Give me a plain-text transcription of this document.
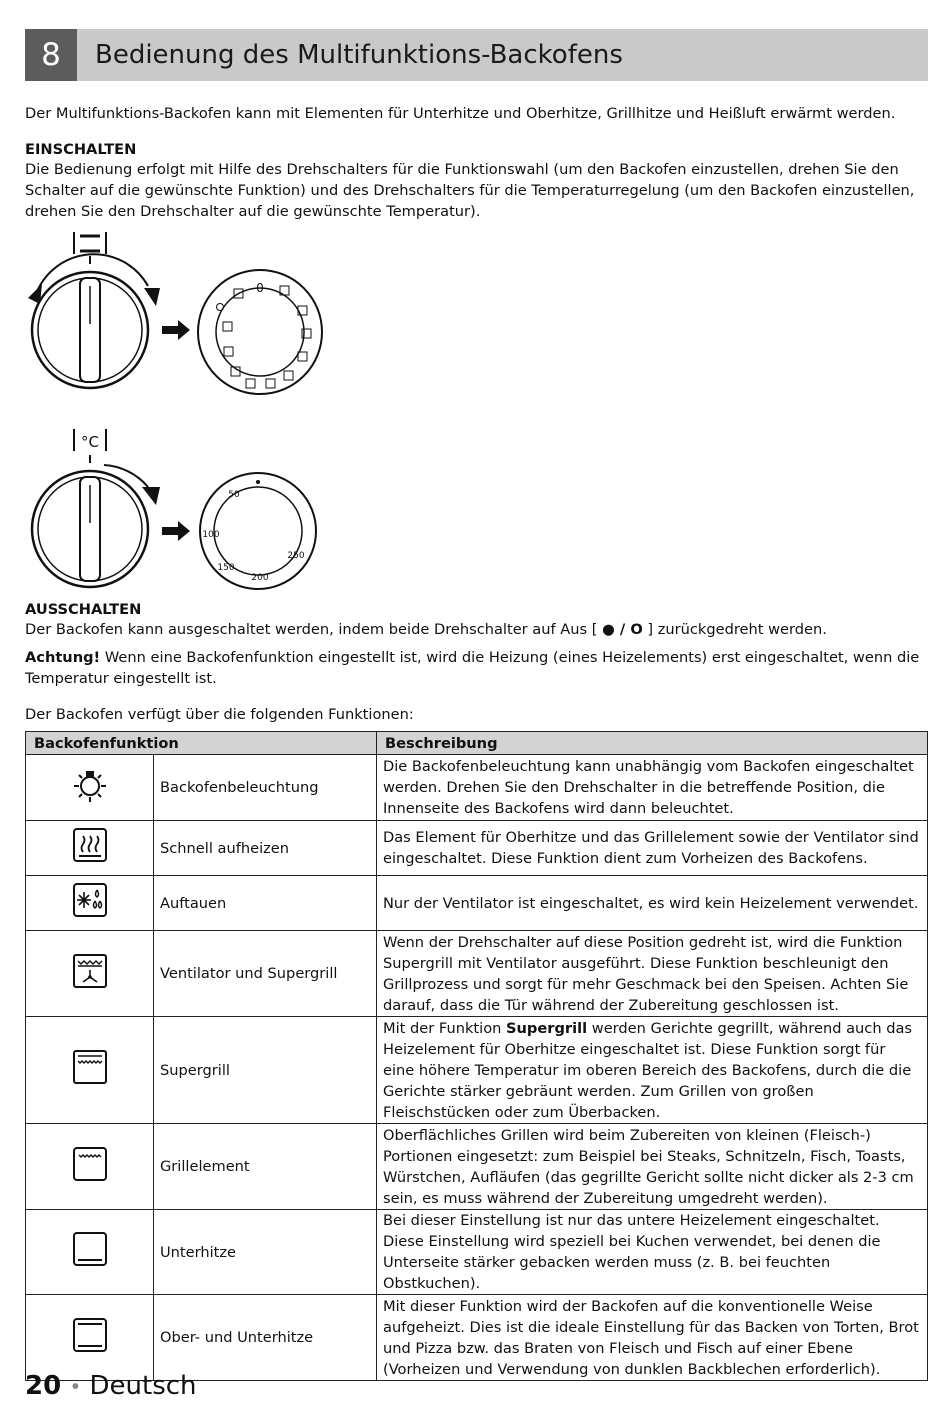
8	Bedienung des Multifunktions-Backofens

Der Multifunktions-Backofen kann mit Elementen für Unterhitze und Oberhitze, Grillhitze und Heißluft erwärmt werden.

EINSCHALTEN

Die Bedienung erfolgt mit Hilfe des Drehschalters für die Funktionswahl (um den Backofen einzustellen, drehen Sie den Schalter auf die gewünschte Funktion) und des Drehschalters für die Temperaturregelung (um den Backofen einzustellen, drehen Sie den Drehschalter auf die gewünschte Temperatur).

0
°C
50
100
150
200
250

AUSSCHALTEN

Der Backofen kann ausgeschaltet werden, indem beide Drehschalter auf Aus [ ● / O ] zurückgedreht werden.

Achtung! Wenn eine Backofenfunktion eingestellt ist, wird die Heizung (eines Heizelements) erst eingeschaltet, wenn die Temperatur eingestellt ist.

Der Backofen verfügt über die folgenden Funktionen:

Backofenfunktion		Beschreibung
	Backofenbeleuchtung	Die Backofenbeleuchtung kann unabhängig vom Backofen eingeschaltet werden. Drehen Sie den Drehschalter in die betreffende Position, die Innenseite des Backofens wird dann beleuchtet.
	Schnell aufheizen	Das Element für Oberhitze und das Grillelement sowie der Ventilator sind eingeschaltet. Diese Funktion dient zum Vorheizen des Backofens.
	Auftauen	Nur der Ventilator ist eingeschaltet, es wird kein Heizelement verwendet.
	Ventilator und Supergrill	Wenn der Drehschalter auf diese Position gedreht ist, wird die Funktion Supergrill mit Ventilator ausgeführt. Diese Funktion beschleunigt den Grillprozess und sorgt für mehr Geschmack bei den Speisen. Achten Sie darauf, dass die Tür während der Zubereitung geschlossen ist.
	Supergrill	Mit der Funktion Supergrill werden Gerichte gegrillt, während auch das Heizelement für Oberhitze eingeschaltet ist. Diese Funktion sorgt für eine höhere Temperatur im oberen Bereich des Backofens, durch die die Gerichte stärker gebräunt werden. Zum Grillen von großen Fleischstücken oder zum Überbacken.
	Grillelement	Oberflächliches Grillen wird beim Zubereiten von kleinen (Fleisch-) Portionen eingesetzt: zum Beispiel bei Steaks, Schnitzeln, Fisch, Toasts, Würstchen, Aufläufen (das gegrillte Gericht sollte nicht dicker als 2-3 cm sein, es muss während der Zubereitung umgedreht werden).
	Unterhitze	Bei dieser Einstellung ist nur das untere Heizelement eingeschaltet. Diese Einstellung wird speziell bei Kuchen verwendet, bei denen die Unterseite stärker gebacken werden muss (z. B. bei feuchten Obstkuchen).
	Ober- und Unterhitze	Mit dieser Funktion wird der Backofen auf die konventionelle Weise aufgeheizt. Dies ist die ideale Einstellung für das Backen von Torten, Brot und Pizza bzw. das Braten von Fleisch und Fisch auf einer Ebene (Vorheizen und Verwendung von dunklen Backblechen erforderlich).
20 • Deutsch
